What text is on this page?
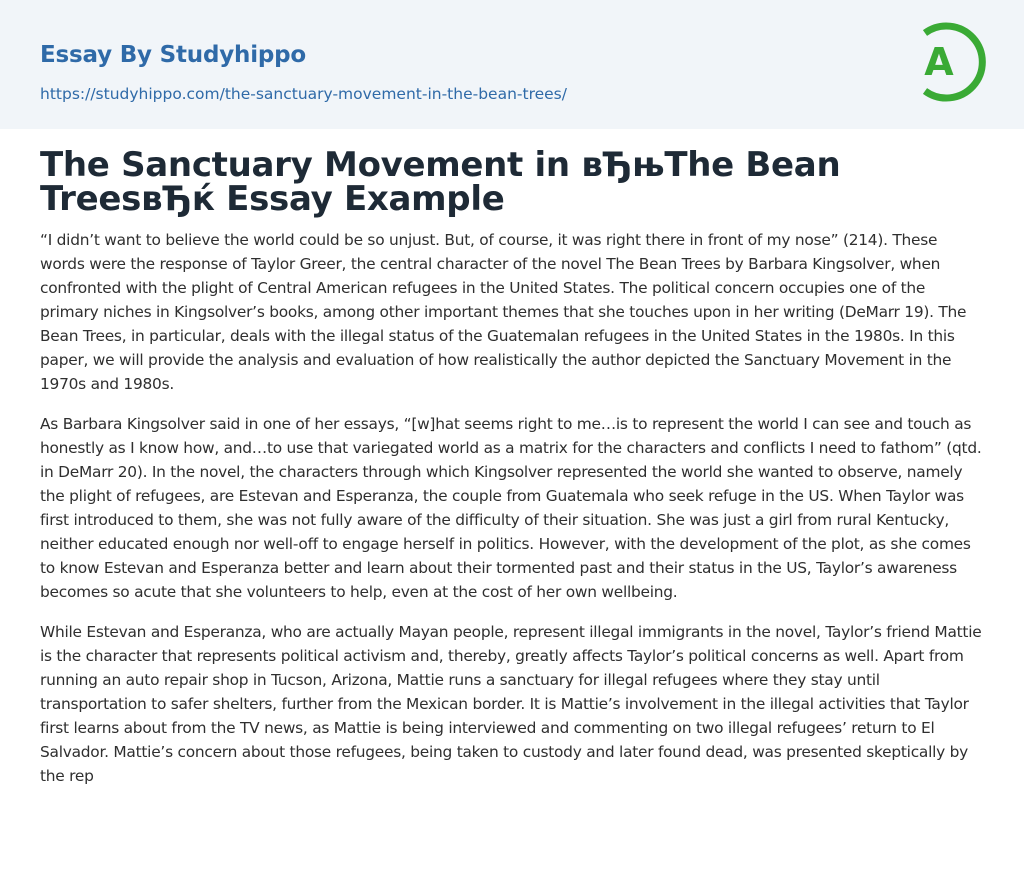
Essay By Studyhippo
https://studyhippo.com/the-sanctuary-movement-in-the-bean-trees/
A
The Sanctuary Movement in вЂњThe Bean TreesвЂќ Essay Example

“I didn’t want to believe the world could be so unjust. But, of course, it was right there in front of my nose” (214). These words were the response of Taylor Greer, the central character of the novel The Bean Trees by Barbara Kingsolver, when confronted with the plight of Central American refugees in the United States. The political concern occupies one of the primary niches in Kingsolver’s books, among other important themes that she touches upon in her writing (DeMarr 19). The Bean Trees, in particular, deals with the illegal status of the Guatemalan refugees in the United States in the 1980s. In this paper, we will provide the analysis and evaluation of how realistically the author depicted the Sanctuary Movement in the 1970s and 1980s.

As Barbara Kingsolver said in one of her essays, “[w]hat seems right to me…is to represent the world I can see and touch as honestly as I know how, and…to use that variegated world as a matrix for the characters and conflicts I need to fathom” (qtd. in DeMarr 20). In the novel, the characters through which Kingsolver represented the world she wanted to observe, namely the plight of refugees, are Estevan and Esperanza, the couple from Guatemala who seek refuge in the US. When Taylor was first introduced to them, she was not fully aware of the difficulty of their situation. She was just a girl from rural Kentucky, neither educated enough nor well-off to engage herself in politics. However, with the development of the plot, as she comes to know Estevan and Esperanza better and learn about their tormented past and their status in the US, Taylor’s awareness becomes so acute that she volunteers to help, even at the cost of her own wellbeing.

While Estevan and Esperanza, who are actually Mayan people, represent illegal immigrants in the novel, Taylor’s friend Mattie is the character that represents political activism and, thereby, greatly affects Taylor’s political concerns as well. Apart from running an auto repair shop in Tucson, Arizona, Mattie runs a sanctuary for illegal refugees where they stay until transportation to safer shelters, further from the Mexican border. It is Mattie’s involvement in the illegal activities that Taylor first learns about from the TV news, as Mattie is being interviewed and commenting on two illegal refugees’ return to El Salvador. Mattie’s concern about those refugees, being taken to custody and later found dead, was presented skeptically by the rep
